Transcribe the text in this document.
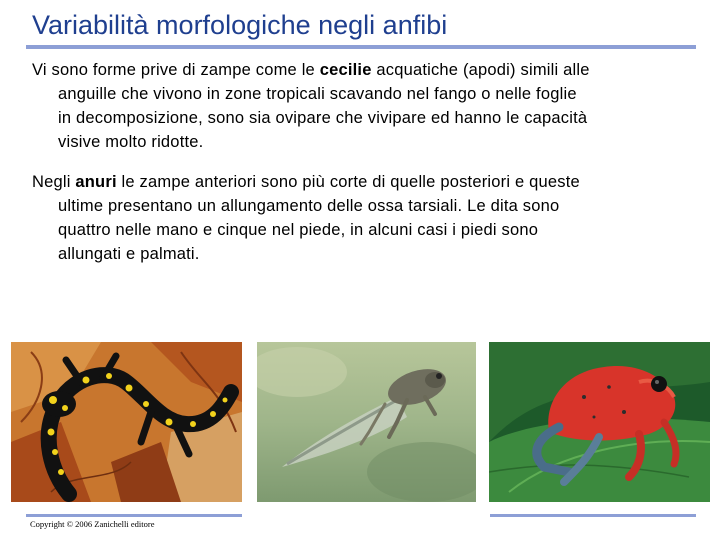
Variabilità morfologiche negli anfibi
Vi sono forme prive di zampe come le cecilie acquatiche (apodi) simili alle
anguille che vivono in zone tropicali scavando nel fango o nelle foglie
in decomposizione, sono sia ovipare che vivipare ed hanno le capacità
visive molto ridotte.
Negli anuri le zampe anteriori sono più corte di quelle posteriori e queste
ultime presentano un allungamento delle ossa tarsiali. Le dita sono
quattro nelle mano e cinque nel piede, in alcuni casi i piedi sono
allungati e palmati.
Copyright © 2006 Zanichelli editore
